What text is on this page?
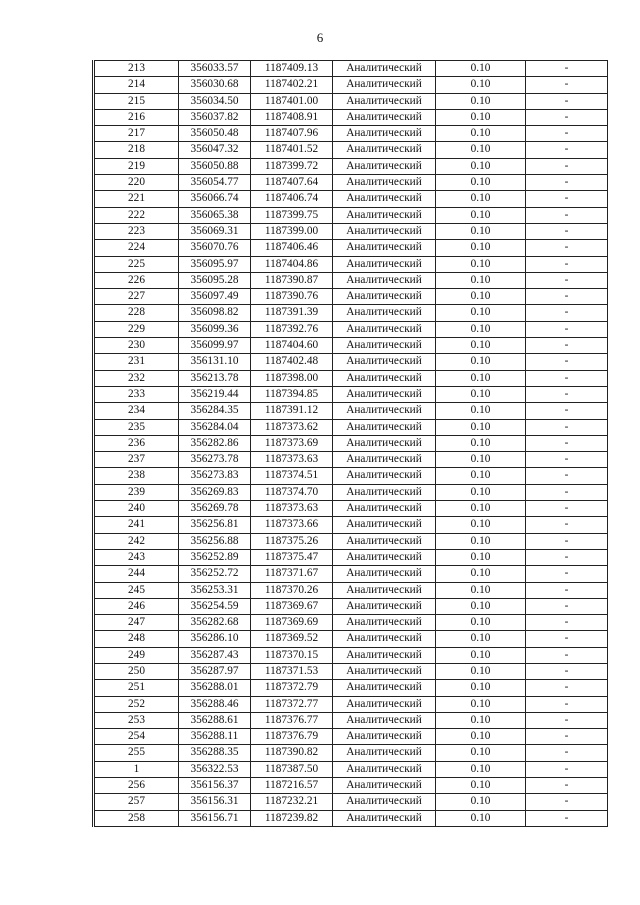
6
213	356033.57	1187409.13	Аналитический	0.10	-
214	356030.68	1187402.21	Аналитический	0.10	-
215	356034.50	1187401.00	Аналитический	0.10	-
216	356037.82	1187408.91	Аналитический	0.10	-
217	356050.48	1187407.96	Аналитический	0.10	-
218	356047.32	1187401.52	Аналитический	0.10	-
219	356050.88	1187399.72	Аналитический	0.10	-
220	356054.77	1187407.64	Аналитический	0.10	-
221	356066.74	1187406.74	Аналитический	0.10	-
222	356065.38	1187399.75	Аналитический	0.10	-
223	356069.31	1187399.00	Аналитический	0.10	-
224	356070.76	1187406.46	Аналитический	0.10	-
225	356095.97	1187404.86	Аналитический	0.10	-
226	356095.28	1187390.87	Аналитический	0.10	-
227	356097.49	1187390.76	Аналитический	0.10	-
228	356098.82	1187391.39	Аналитический	0.10	-
229	356099.36	1187392.76	Аналитический	0.10	-
230	356099.97	1187404.60	Аналитический	0.10	-
231	356131.10	1187402.48	Аналитический	0.10	-
232	356213.78	1187398.00	Аналитический	0.10	-
233	356219.44	1187394.85	Аналитический	0.10	-
234	356284.35	1187391.12	Аналитический	0.10	-
235	356284.04	1187373.62	Аналитический	0.10	-
236	356282.86	1187373.69	Аналитический	0.10	-
237	356273.78	1187373.63	Аналитический	0.10	-
238	356273.83	1187374.51	Аналитический	0.10	-
239	356269.83	1187374.70	Аналитический	0.10	-
240	356269.78	1187373.63	Аналитический	0.10	-
241	356256.81	1187373.66	Аналитический	0.10	-
242	356256.88	1187375.26	Аналитический	0.10	-
243	356252.89	1187375.47	Аналитический	0.10	-
244	356252.72	1187371.67	Аналитический	0.10	-
245	356253.31	1187370.26	Аналитический	0.10	-
246	356254.59	1187369.67	Аналитический	0.10	-
247	356282.68	1187369.69	Аналитический	0.10	-
248	356286.10	1187369.52	Аналитический	0.10	-
249	356287.43	1187370.15	Аналитический	0.10	-
250	356287.97	1187371.53	Аналитический	0.10	-
251	356288.01	1187372.79	Аналитический	0.10	-
252	356288.46	1187372.77	Аналитический	0.10	-
253	356288.61	1187376.77	Аналитический	0.10	-
254	356288.11	1187376.79	Аналитический	0.10	-
255	356288.35	1187390.82	Аналитический	0.10	-
1	356322.53	1187387.50	Аналитический	0.10	-
256	356156.37	1187216.57	Аналитический	0.10	-
257	356156.31	1187232.21	Аналитический	0.10	-
258	356156.71	1187239.82	Аналитический	0.10	-
